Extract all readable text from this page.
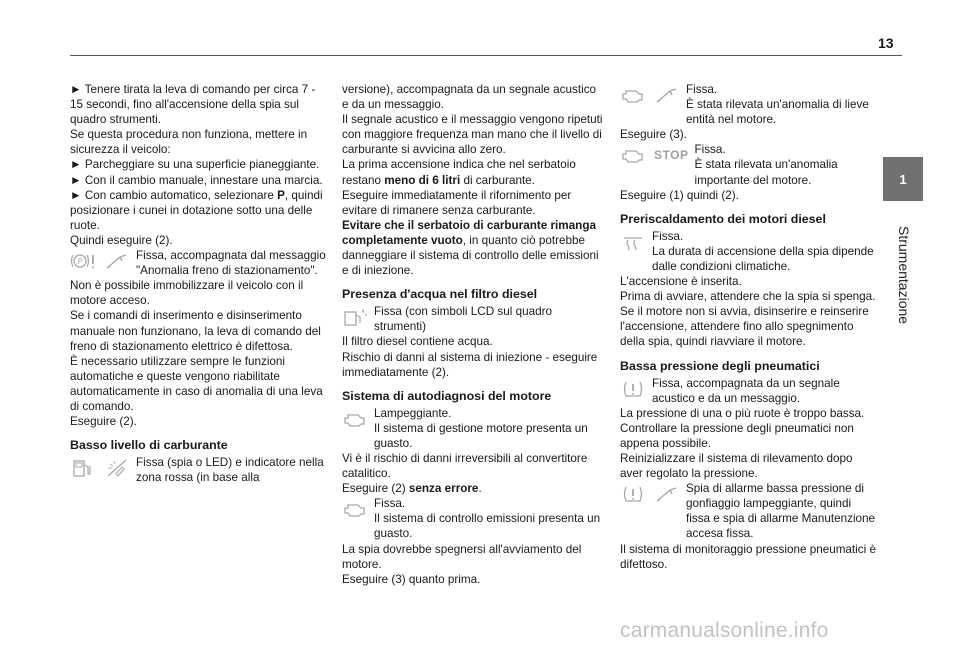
13
1
Strumentazione

► Tenere tirata la leva di comando per circa 7 - 15 secondi, fino all'accensione della spia sul quadro strumenti.

Se questa procedura non funziona, mettere in sicurezza il veicolo:

► Parcheggiare su una superficie pianeggiante.

► Con il cambio manuale, innestare una marcia.

► Con cambio automatico, selezionare P, quindi posizionare i cunei in dotazione sotto una delle ruote.

Quindi eseguire (2).

P	Fissa, accompagnata dal messaggio "Anomalia freno di stazionamento".

Non è possibile immobilizzare il veicolo con il motore acceso.

Se i comandi di inserimento e disinserimento manuale non funzionano, la leva di comando del freno di stazionamento elettrico è difettosa.

È necessario utilizzare sempre le funzioni automatiche e queste vengono riabilitate automaticamente in caso di anomalia di una leva di comando.

Eseguire (2).

Basso livello di carburante

Fissa (spia o LED) e indicatore nella zona rossa (in base alla

versione), accompagnata da un segnale acustico e da un messaggio.

Il segnale acustico e il messaggio vengono ripetuti con maggiore frequenza man mano che il livello di carburante si avvicina allo zero.

La prima accensione indica che nel serbatoio restano meno di 6 litri di carburante.

Eseguire immediatamente il rifornimento per evitare di rimanere senza carburante.

Evitare che il serbatoio di carburante rimanga completamente vuoto, in quanto ciò potrebbe danneggiare il sistema di controllo delle emissioni e di iniezione.

Presenza d'acqua nel filtro diesel

Fissa (con simboli LCD sul quadro strumenti)

Il filtro diesel contiene acqua.

Rischio di danni al sistema di iniezione - eseguire immediatamente (2).

Sistema di autodiagnosi del motore

Lampeggiante.
Il sistema di gestione motore presenta un guasto.

Vi è il rischio di danni irreversibili al convertitore catalitico.

Eseguire (2) senza errore.

Fissa.
Il sistema di controllo emissioni presenta un guasto.

La spia dovrebbe spegnersi all'avviamento del motore.

Eseguire (3) quanto prima.

Fissa.
È stata rilevata un'anomalia di lieve entità nel motore.

Eseguire (3).

STOP Fissa.
È stata rilevata un'anomalia importante del motore.

Eseguire (1) quindi (2).

Preriscaldamento dei motori diesel

Fissa.
La durata di accensione della spia dipende dalle condizioni climatiche.

L'accensione è inserita.

Prima di avviare, attendere che la spia si spenga.

Se il motore non si avvia, disinserire e reinserire l'accensione, attendere fino allo spegnimento della spia, quindi riavviare il motore.

Bassa pressione degli pneumatici

Fissa, accompagnata da un segnale acustico e da un messaggio.

La pressione di una o più ruote è troppo bassa.

Controllare la pressione degli pneumatici non appena possibile.

Reinizializzare il sistema di rilevamento dopo aver regolato la pressione.

Spia di allarme bassa pressione di gonfiaggio lampeggiante, quindi fissa e spia di allarme Manutenzione accesa fissa.

Il sistema di monitoraggio pressione pneumatici è difettoso.

carmanualsonline.info
